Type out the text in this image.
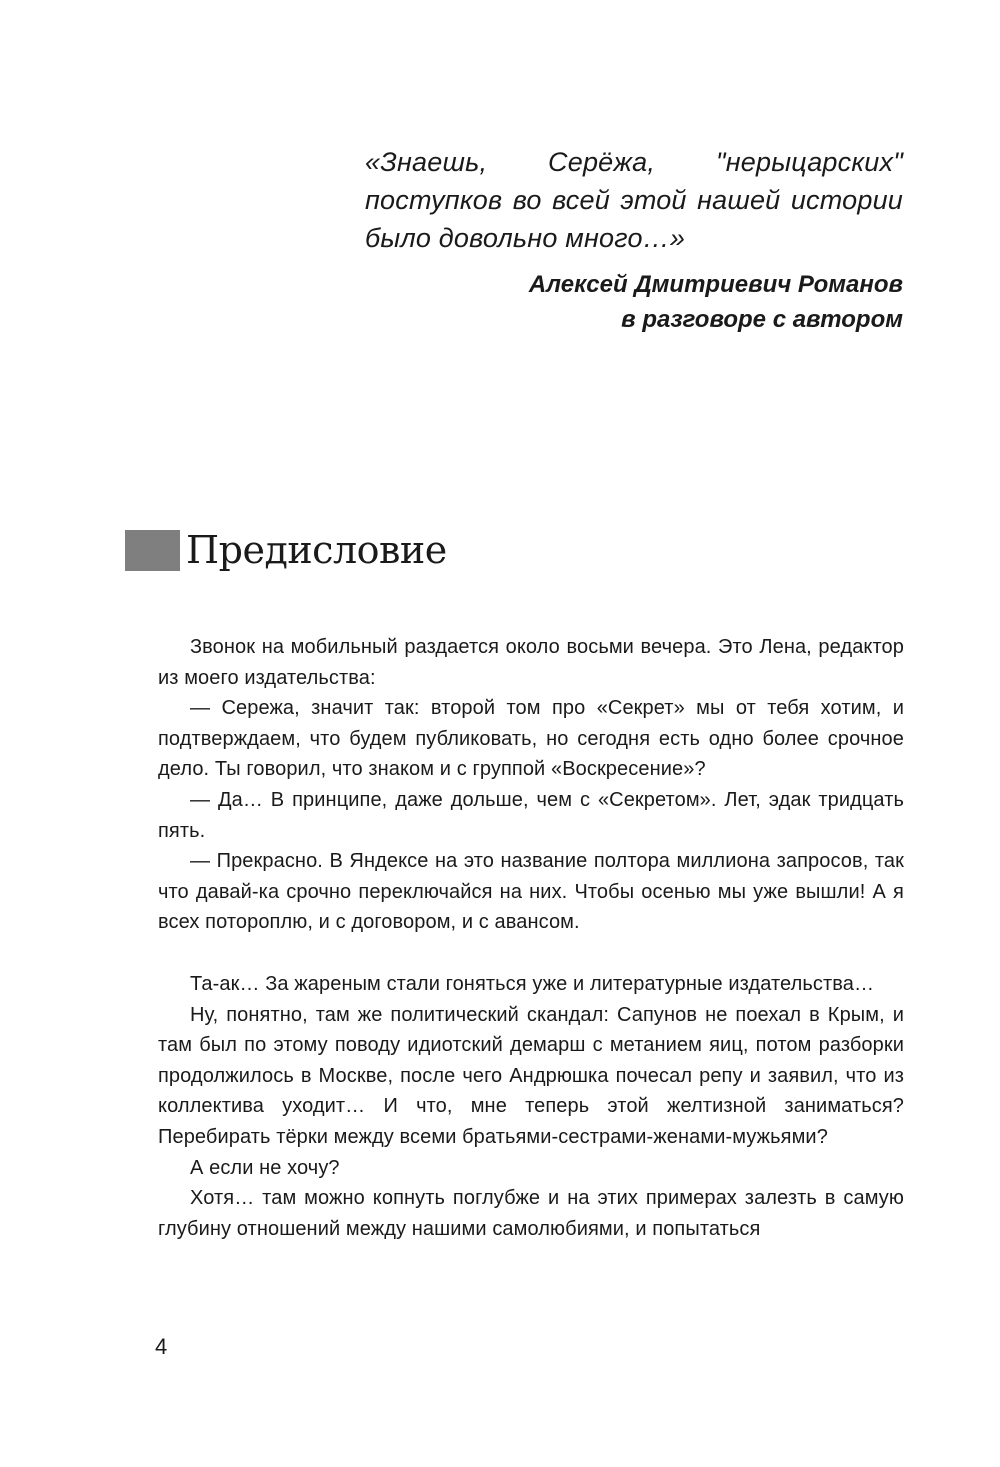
«Знаешь, Серёжа, "нерыцарских" поступков во всей этой нашей истории было довольно много…»

Алексей Дмитриевич Романов
в разговоре с автором

Предисловие

Звонок на мобильный раздается около восьми вечера. Это Лена, редактор из моего издательства:

— Сережа, значит так: второй том про «Секрет» мы от тебя хотим, и подтверждаем, что будем публиковать, но сегодня есть одно более срочное дело. Ты говорил, что знаком и с группой «Воскресение»?

— Да… В принципе, даже дольше, чем с «Секретом». Лет, эдак тридцать пять.

— Прекрасно. В Яндексе на это название полтора миллиона запросов, так что давай-ка срочно переключайся на них. Чтобы осенью мы уже вышли! А я всех потороплю, и с договором, и с авансом.

Та-ак… За жареным стали гоняться уже и литературные издательства…

Ну, понятно, там же политический скандал: Сапунов не поехал в Крым, и там был по этому поводу идиотский демарш с метанием яиц, потом разборки продолжилось в Москве, после чего Андрюшка почесал репу и заявил, что из коллектива уходит… И что, мне теперь этой желтизной заниматься? Перебирать тёрки между всеми братьями-сестрами-женами-мужьями?

А если не хочу?

Хотя… там можно копнуть поглубже и на этих примерах залезть в самую глубину отношений между нашими самолюбиями, и попытаться

4
